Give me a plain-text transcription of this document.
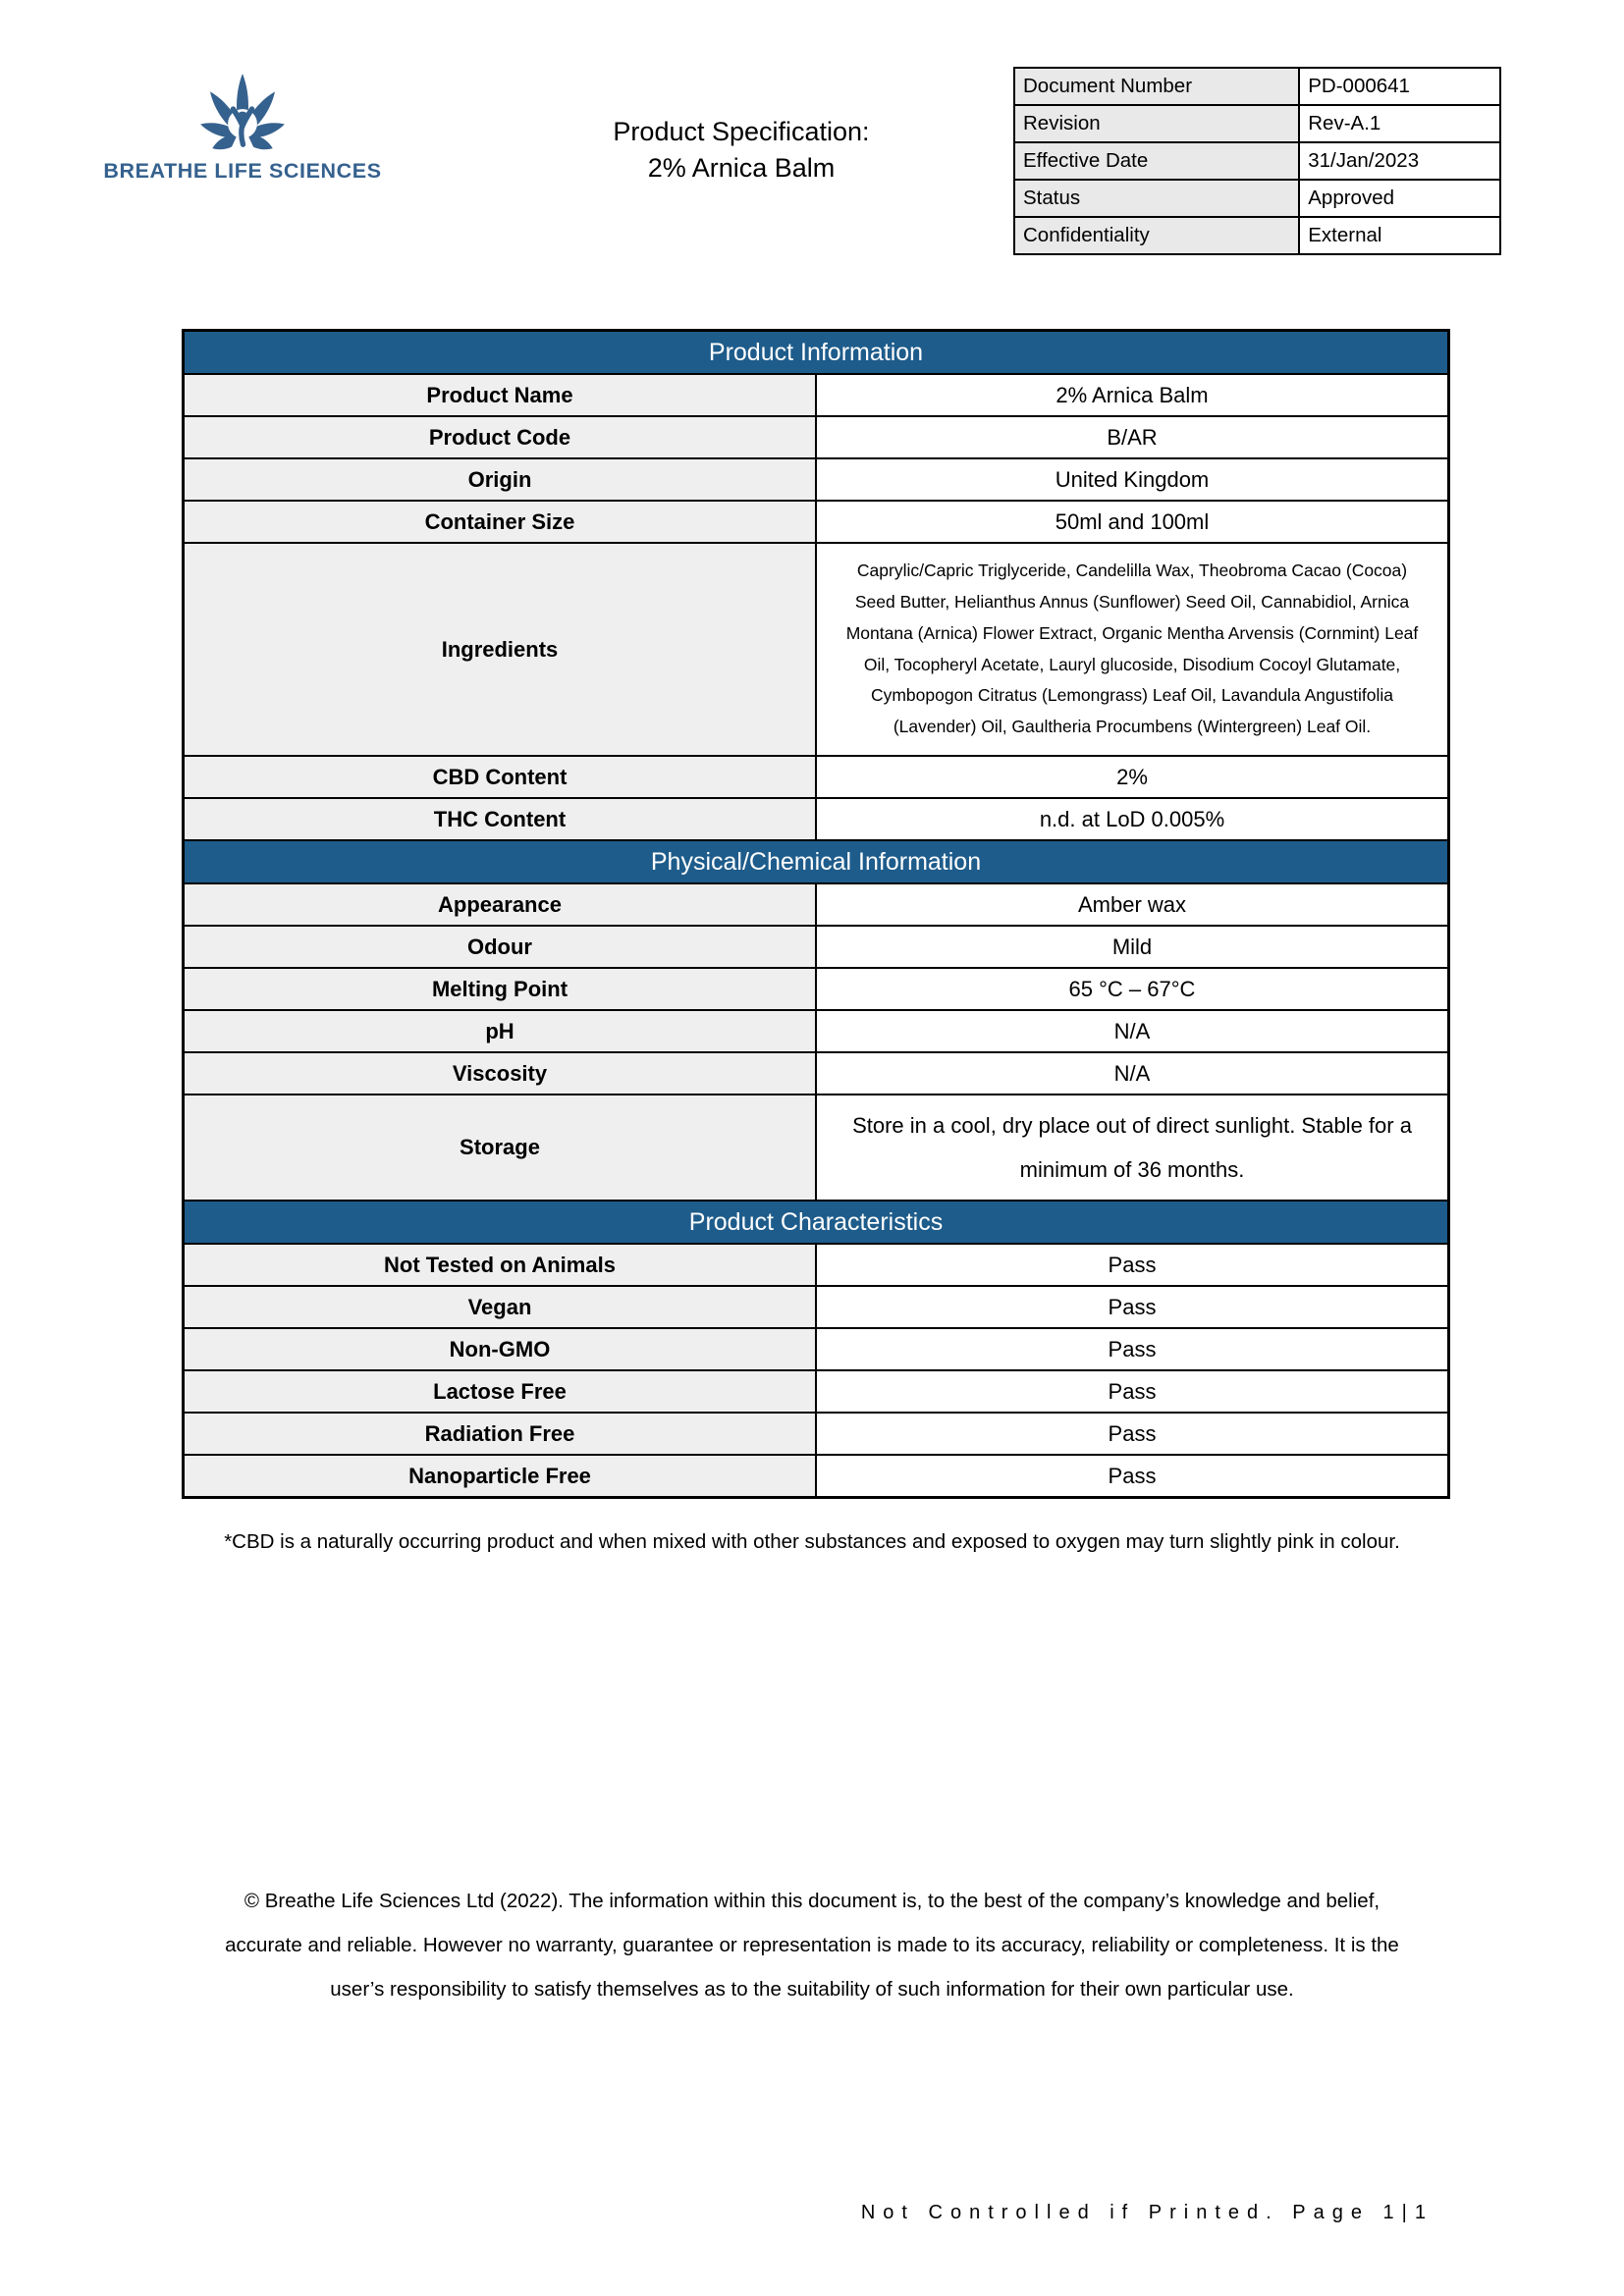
BREATHE LIFE SCIENCES
Product Specification:
2% Arnica Balm
Document Number	PD-000641
Revision	Rev-A.1
Effective Date	31/Jan/2023
Status	Approved
Confidentiality	External
Product Information	
Product Name	2% Arnica Balm
Product Code	B/AR
Origin	United Kingdom
Container Size	50ml and 100ml
Ingredients	Caprylic/Capric Triglyceride, Candelilla Wax, Theobroma Cacao (Cocoa) Seed Butter, Helianthus Annus (Sunflower) Seed Oil, Cannabidiol, Arnica Montana (Arnica) Flower Extract, Organic Mentha Arvensis (Cornmint) Leaf Oil, Tocopheryl Acetate, Lauryl glucoside, Disodium Cocoyl Glutamate, Cymbopogon Citratus (Lemongrass) Leaf Oil, Lavandula Angustifolia (Lavender) Oil, Gaultheria Procumbens (Wintergreen) Leaf Oil.
CBD Content	2%
THC Content	n.d. at LoD 0.005%
Physical/Chemical Information	
Appearance	Amber wax
Odour	Mild
Melting Point	65 °C – 67°C
pH	N/A
Viscosity	N/A
Storage	Store in a cool, dry place out of direct sunlight. Stable for a minimum of 36 months.
Product Characteristics	
Not Tested on Animals	Pass
Vegan	Pass
Non-GMO	Pass
Lactose Free	Pass
Radiation Free	Pass
Nanoparticle Free	Pass
*CBD is a naturally occurring product and when mixed with other substances and exposed to oxygen may turn slightly pink in colour.
© Breathe Life Sciences Ltd (2022). The information within this document is, to the best of the company’s knowledge and belief, accurate and reliable. However no warranty, guarantee or representation is made to its accuracy, reliability or completeness. It is the user’s responsibility to satisfy themselves as to the suitability of such information for their own particular use.
Not Controlled if Printed. Page 1|1
